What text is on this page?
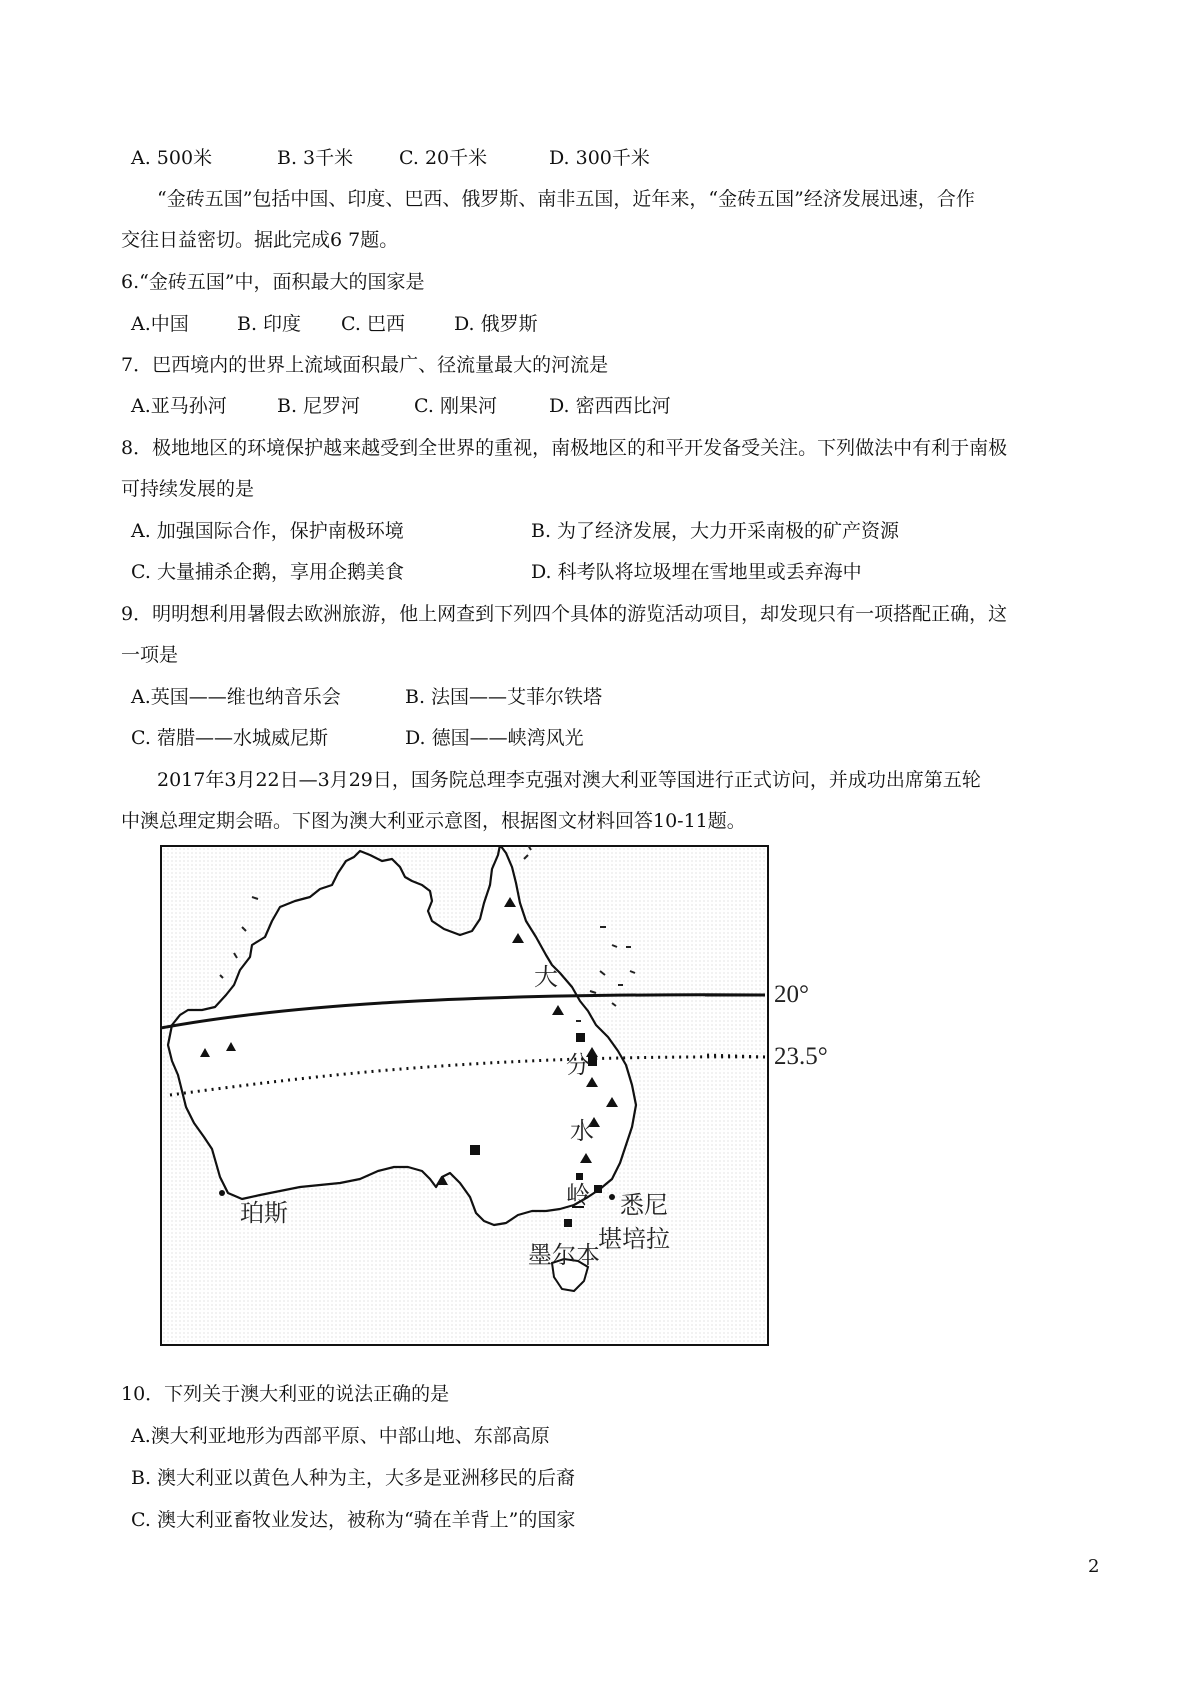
A. 500米	B. 3千米 C. 20千米	D. 300千米
“金砖五国”包括中国、印度、巴西、俄罗斯、南非五国，近年来，“金砖五国”经济发展迅速，合作
交往日益密切。据此完成6 7题。
6.“金砖五国”中，面积最大的国家是
A.中国	B. 印度 C. 巴西	D. 俄罗斯
7．巴西境内的世界上流域面积最广、径流量最大的河流是
A.亚马孙河	B. 尼罗河	C. 刚果河	D. 密西西比河
8．极地地区的环境保护越来越受到全世界的重视，南极地区的和平开发备受关注。下列做法中有利于南极
可持续发展的是
A. 加强国际合作，保护南极环境	B. 为了经济发展，大力开采南极的矿产资源
C. 大量捕杀企鹅，享用企鹅美食	D. 科考队将垃圾埋在雪地里或丢弃海中
9．明明想利用暑假去欧洲旅游，他上网查到下列四个具体的游览活动项目，却发现只有一项搭配正确，这
一项是
A.英国——维也纳音乐会	B. 法国——艾菲尔铁塔
C. 蓿腊——水城威尼斯	D. 德国——峡湾风光
2017年3月22日—3月29日，国务院总理李克强对澳大利亚等国进行正式访问，并成功出席第五轮
中澳总理定期会晤。下图为澳大利亚示意图，根据图文材料回答10-11题。
20°
23.5°
大
分
水
岭
珀斯	悉尼
墨尔本
堪培拉
10．下列关于澳大利亚的说法正确的是
A.澳大利亚地形为西部平原、中部山地、东部高原
B. 澳大利亚以黄色人种为主，大多是亚洲移民的后裔
C. 澳大利亚畜牧业发达，被称为“骑在羊背上”的国家
2
